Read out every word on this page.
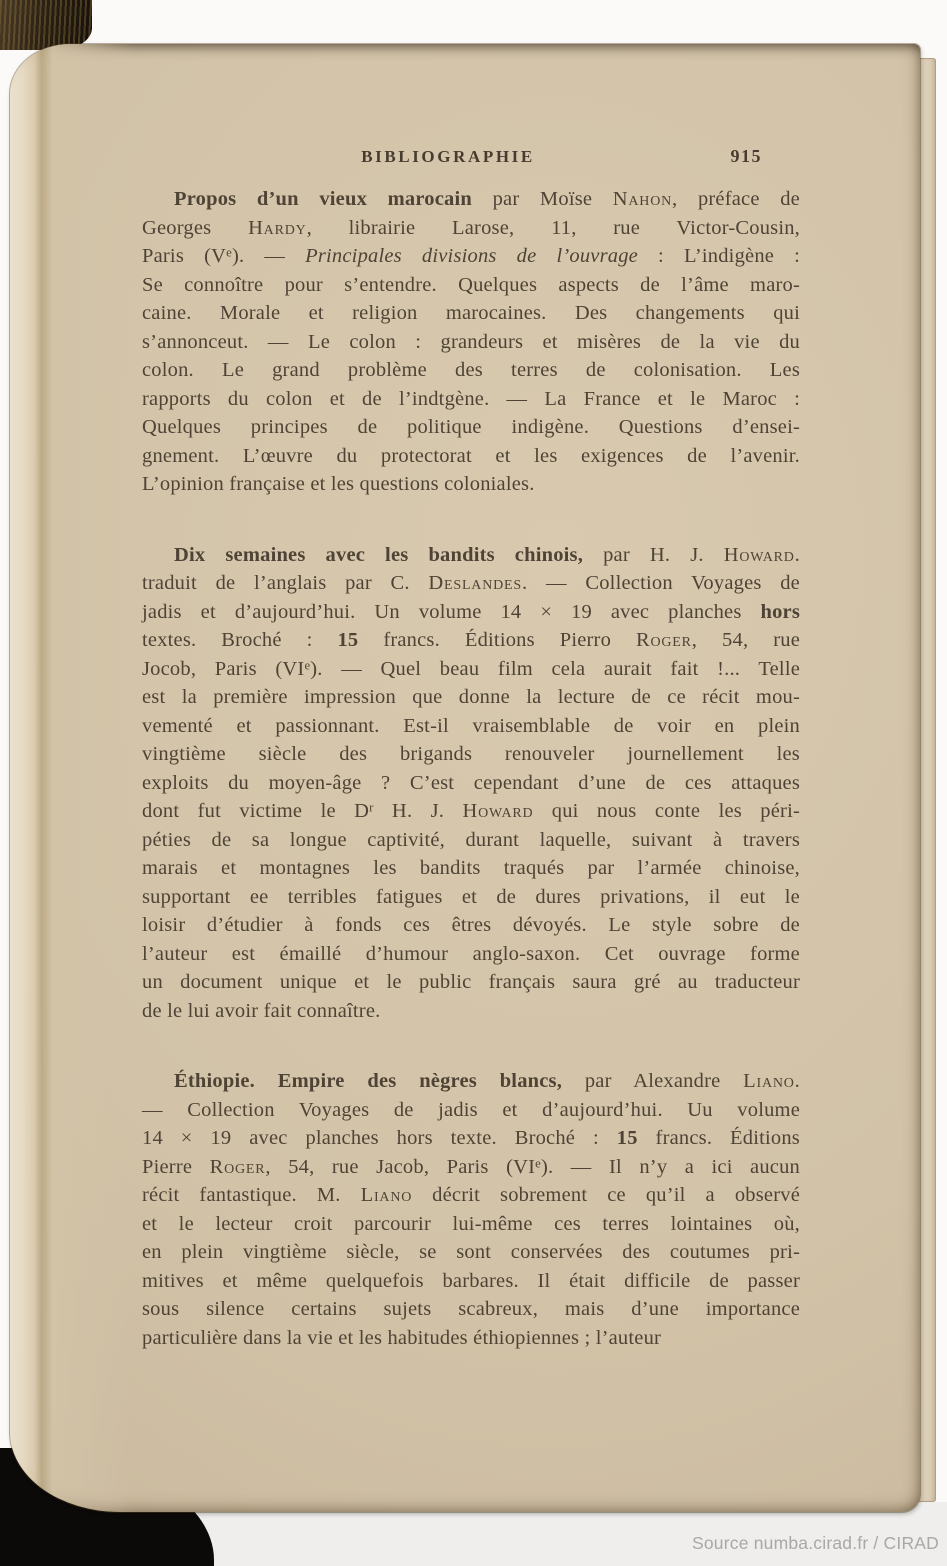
BIBLIOGRAPHIE	915
Propos d’un vieux marocain par Moïse Nahon, préface de
Georges Hardy, librairie Larose, 11, rue Victor-Cousin,
Paris (Ve). — Principales divisions de l’ouvrage : L’indigène :
Se connoître pour s’entendre. Quelques aspects de l’âme maro-
caine. Morale et religion marocaines. Des changements qui
s’annonceut. — Le colon : grandeurs et misères de la vie du
colon. Le grand problème des terres de colonisation. Les
rapports du colon et de l’indtgène. — La France et le Maroc :
Quelques principes de politique indigène. Questions d’ensei-
gnement. L’œuvre du protectorat et les exigences de l’avenir.
L’opinion française et les questions coloniales.
Dix semaines avec les bandits chinois, par H. J. Howard.
traduit de l’anglais par C. Deslandes. — Collection Voyages de
jadis et d’aujourd’hui. Un volume 14 × 19 avec planches hors
textes. Broché : 15 francs. Éditions Pierro Roger, 54, rue
Jocob, Paris (VIe). — Quel beau film cela aurait fait !... Telle
est la première impression que donne la lecture de ce récit mou-
vementé et passionnant. Est-il vraisemblable de voir en plein
vingtième siècle des brigands renouveler journellement les
exploits du moyen-âge ? C’est cependant d’une de ces attaques
dont fut victime le $D^r$ H. J. Howard qui nous conte les péri-
péties de sa longue captivité, durant laquelle, suivant à travers
marais et montagnes les bandits traqués par l’armée chinoise,
supportant ee terribles fatigues et de dures privations, il eut le
loisir d’étudier à fonds ces êtres dévoyés. Le style sobre de
l’auteur est émaillé d’humour anglo-saxon. Cet ouvrage forme
un document unique et le public français saura gré au traducteur
de le lui avoir fait connaître.
Éthiopie. Empire des nègres blancs, par Alexandre Liano.
— Collection Voyages de jadis et d’aujourd’hui. Uu volume
14 × 19 avec planches hors texte. Broché : 15 francs. Éditions
Pierre Roger, 54, rue Jacob, Paris (VIe). — Il n’y a ici aucun
récit fantastique. M. Liano décrit sobrement ce qu’il a observé
et le lecteur croit parcourir lui-même ces terres lointaines où,
en plein vingtième siècle, se sont conservées des coutumes pri-
mitives et même quelquefois barbares. Il était difficile de passer
sous silence certains sujets scabreux, mais d’une importance
particulière dans la vie et les habitudes éthiopiennes ; l’auteur
Source numba.cirad.fr / CIRAD
